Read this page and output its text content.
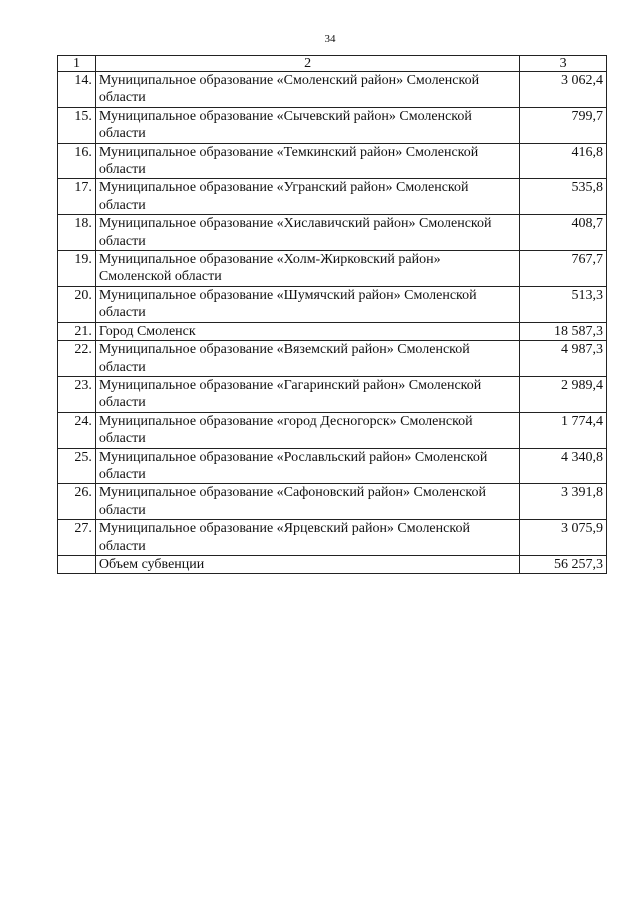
34
1	2	3
14.	Муниципальное образование «Смоленский район» Смоленской области	3 062,4
15.	Муниципальное образование «Сычевский район» Смоленской области	799,7
16.	Муниципальное образование «Темкинский район» Смоленской области	416,8
17.	Муниципальное образование «Угранский район» Смоленской области	535,8
18.	Муниципальное образование «Хиславичский район» Смоленской области	408,7
19.	Муниципальное образование «Холм-Жирковский район» Смоленской области	767,7
20.	Муниципальное образование «Шумячский район» Смоленской области	513,3
21.	Город Смоленск	18 587,3
22.	Муниципальное образование «Вяземский район» Смоленской области	4 987,3
23.	Муниципальное образование «Гагаринский район» Смоленской области	2 989,4
24.	Муниципальное образование «город Десногорск» Смоленской области	1 774,4
25.	Муниципальное образование «Рославльский район» Смоленской области	4 340,8
26.	Муниципальное образование «Сафоновский район» Смоленской области	3 391,8
27.	Муниципальное образование «Ярцевский район» Смоленской области	3 075,9
	Объем субвенции	56 257,3
